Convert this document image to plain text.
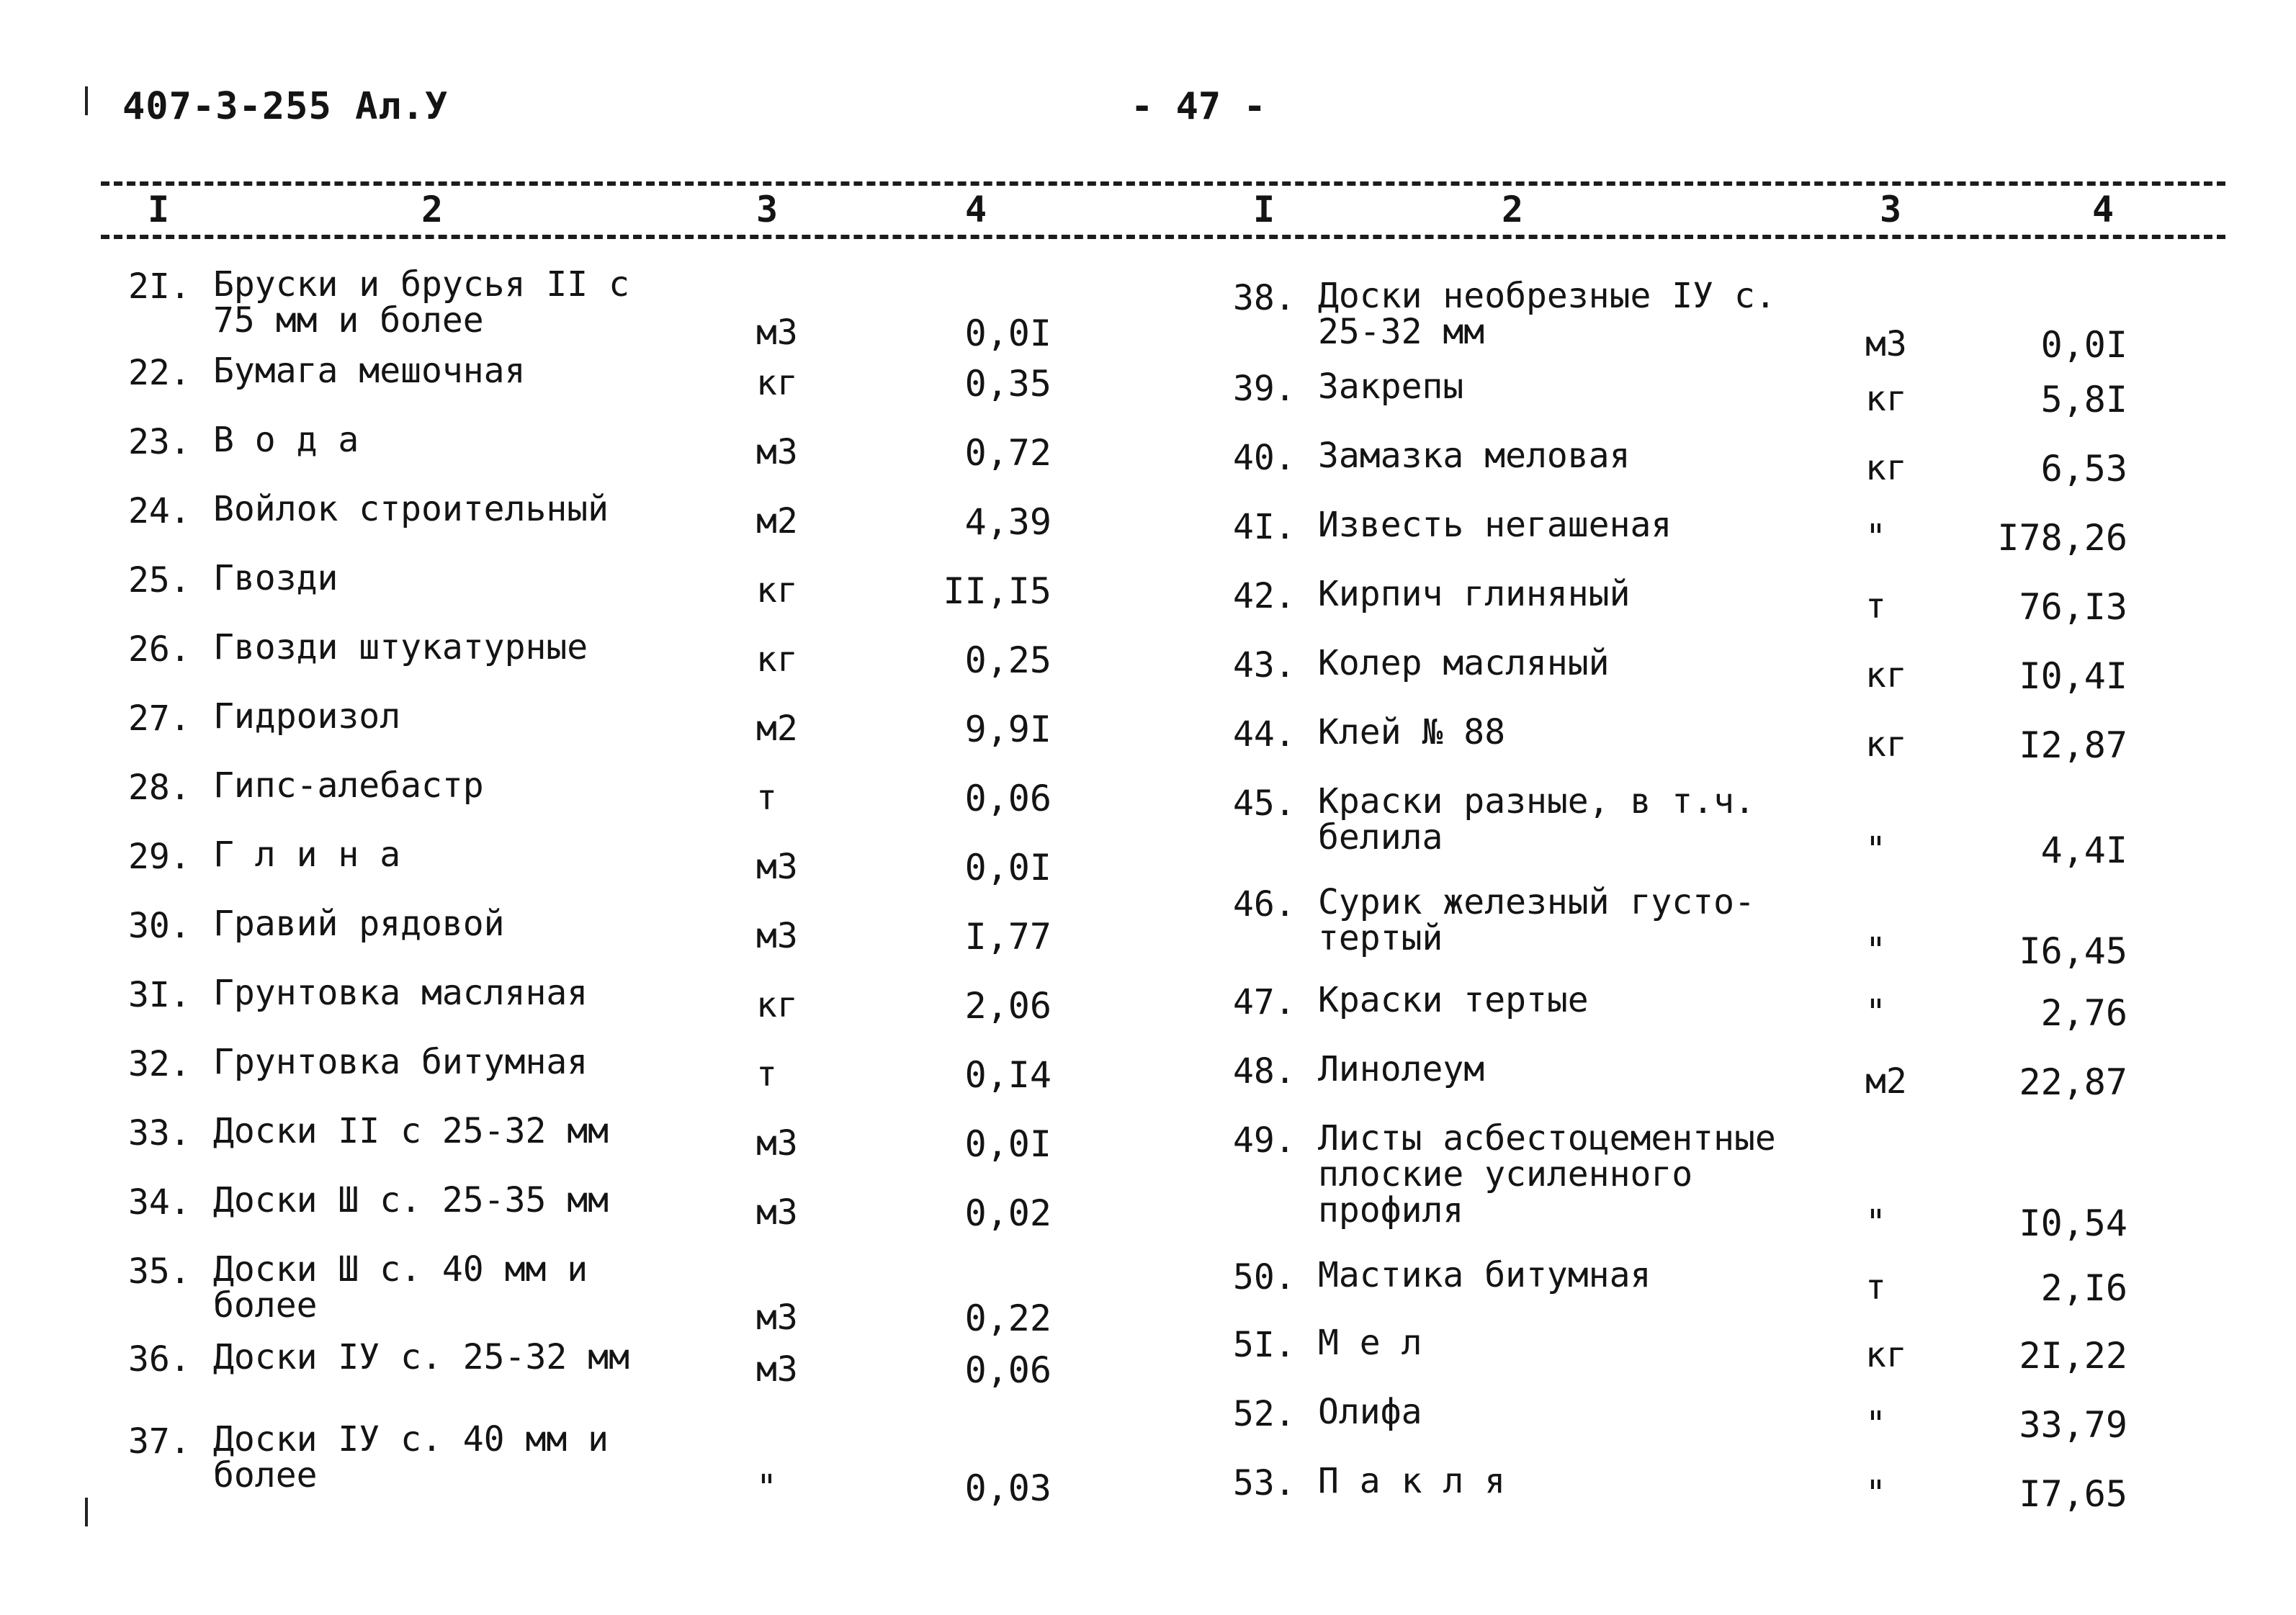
407-3-255 Ал.У	- 47 -
I	2	3	4	I	2	3	4
2I. Бруски и брусья II с
75 мм и более	м3	0,0I
22. Бумага мешочная	кг	0,35
23. В о д а	м3	0,72
24. Войлок строительный	м2	4,39
25. Гвозди	кг	II,I5
26. Гвозди штукатурные	кг	0,25
27. Гидроизол	м2	9,9I
28. Гипс-алебастр	т	0,06
29. Г л и н а	м3	0,0I
30. Гравий рядовой	м3	I,77
3I. Грунтовка масляная	кг	2,06
32. Грунтовка битумная	т	0,I4
33. Доски II с 25-32 мм	м3	0,0I
34. Доски Ш с. 25-35 мм	м3	0,02
35. Доски Ш с. 40 мм и
более	м3	0,22
36. Доски IУ с. 25-32 мм	м3	0,06
37. Доски IУ с. 40 мм и
более	"	0,03
38. Доски необрезные IУ с.
25-32 мм	м3	0,0I
39. Закрепы	кг	5,8I
40. Замазка меловая	кг	6,53
4I. Известь негашеная	"	I78,26
42. Кирпич глиняный	т	76,I3
43. Колер масляный	кг	I0,4I
44. Клей № 88	кг	I2,87
45. Краски разные, в т.ч.
белила	"	4,4I
46. Сурик железный густо-
тертый	"	I6,45
47. Краски тертые	"	2,76
48. Линолеум	м2	22,87
49. Листы асбестоцементные
плоские усиленного
профиля	"	I0,54
50. Мастика битумная	т	2,I6
5I. М е л	кг	2I,22
52. Олифа	"	33,79
53. П а к л я	"	I7,65
